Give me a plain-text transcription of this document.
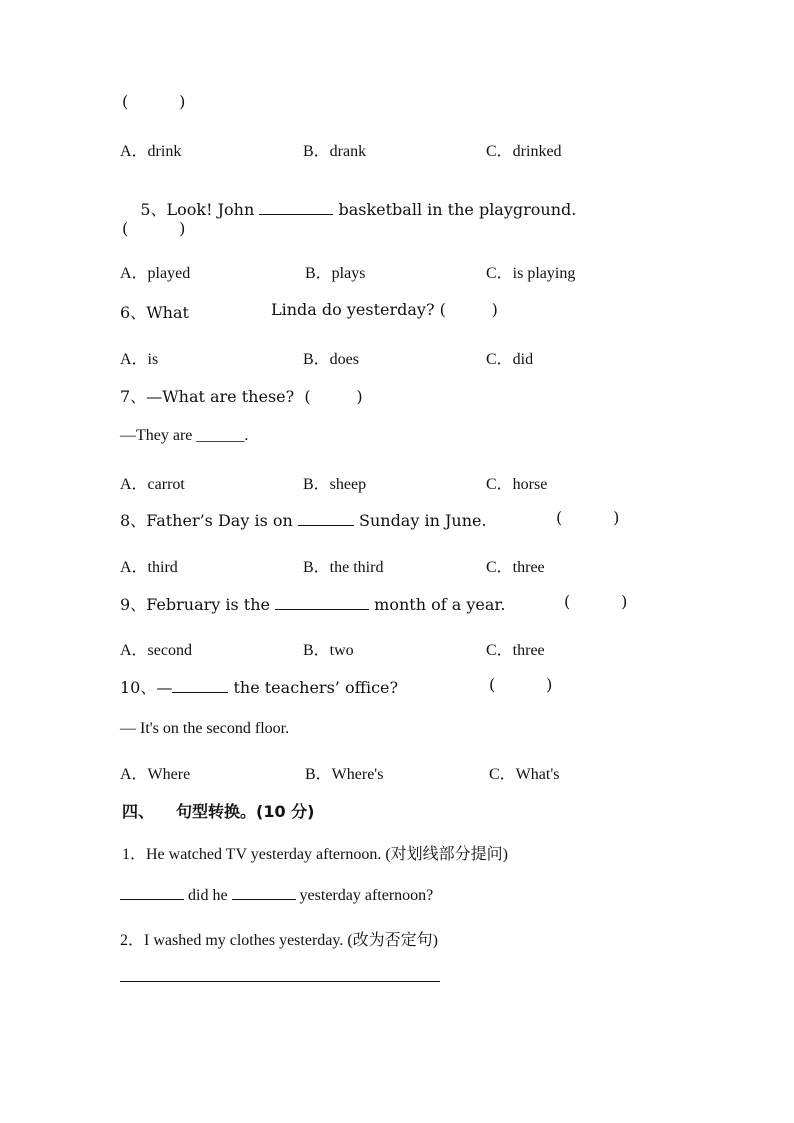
(          )

A．drink

	B．drank

	C．drinked

5、Look! John	basketball in the playground.

(          )

A．played

	B．plays

	C．is playing

6、What

	Linda do yesterday? (         )

A．is

	B．does

	C．did

7、—What are these?  (         )

—They are ______.

A．carrot

	B．sheep

	C．horse

8、Father’s Day is on	Sunday in June.

	(          )

A．third

	B．the third

	C．three

9、February is the	month of a year.

	(          )

A．second

	B．two

	C．three

10、—	the teachers’ office?

	(          )

— It's on the second floor.

A．Where

	B．Where's

	C．What's

四、

句型转换。(10 分)

1．He watched TV yesterday afternoon. (对划线部分提问)

did he	yesterday afternoon?

2．I washed my clothes yesterday. (改为否定句)
